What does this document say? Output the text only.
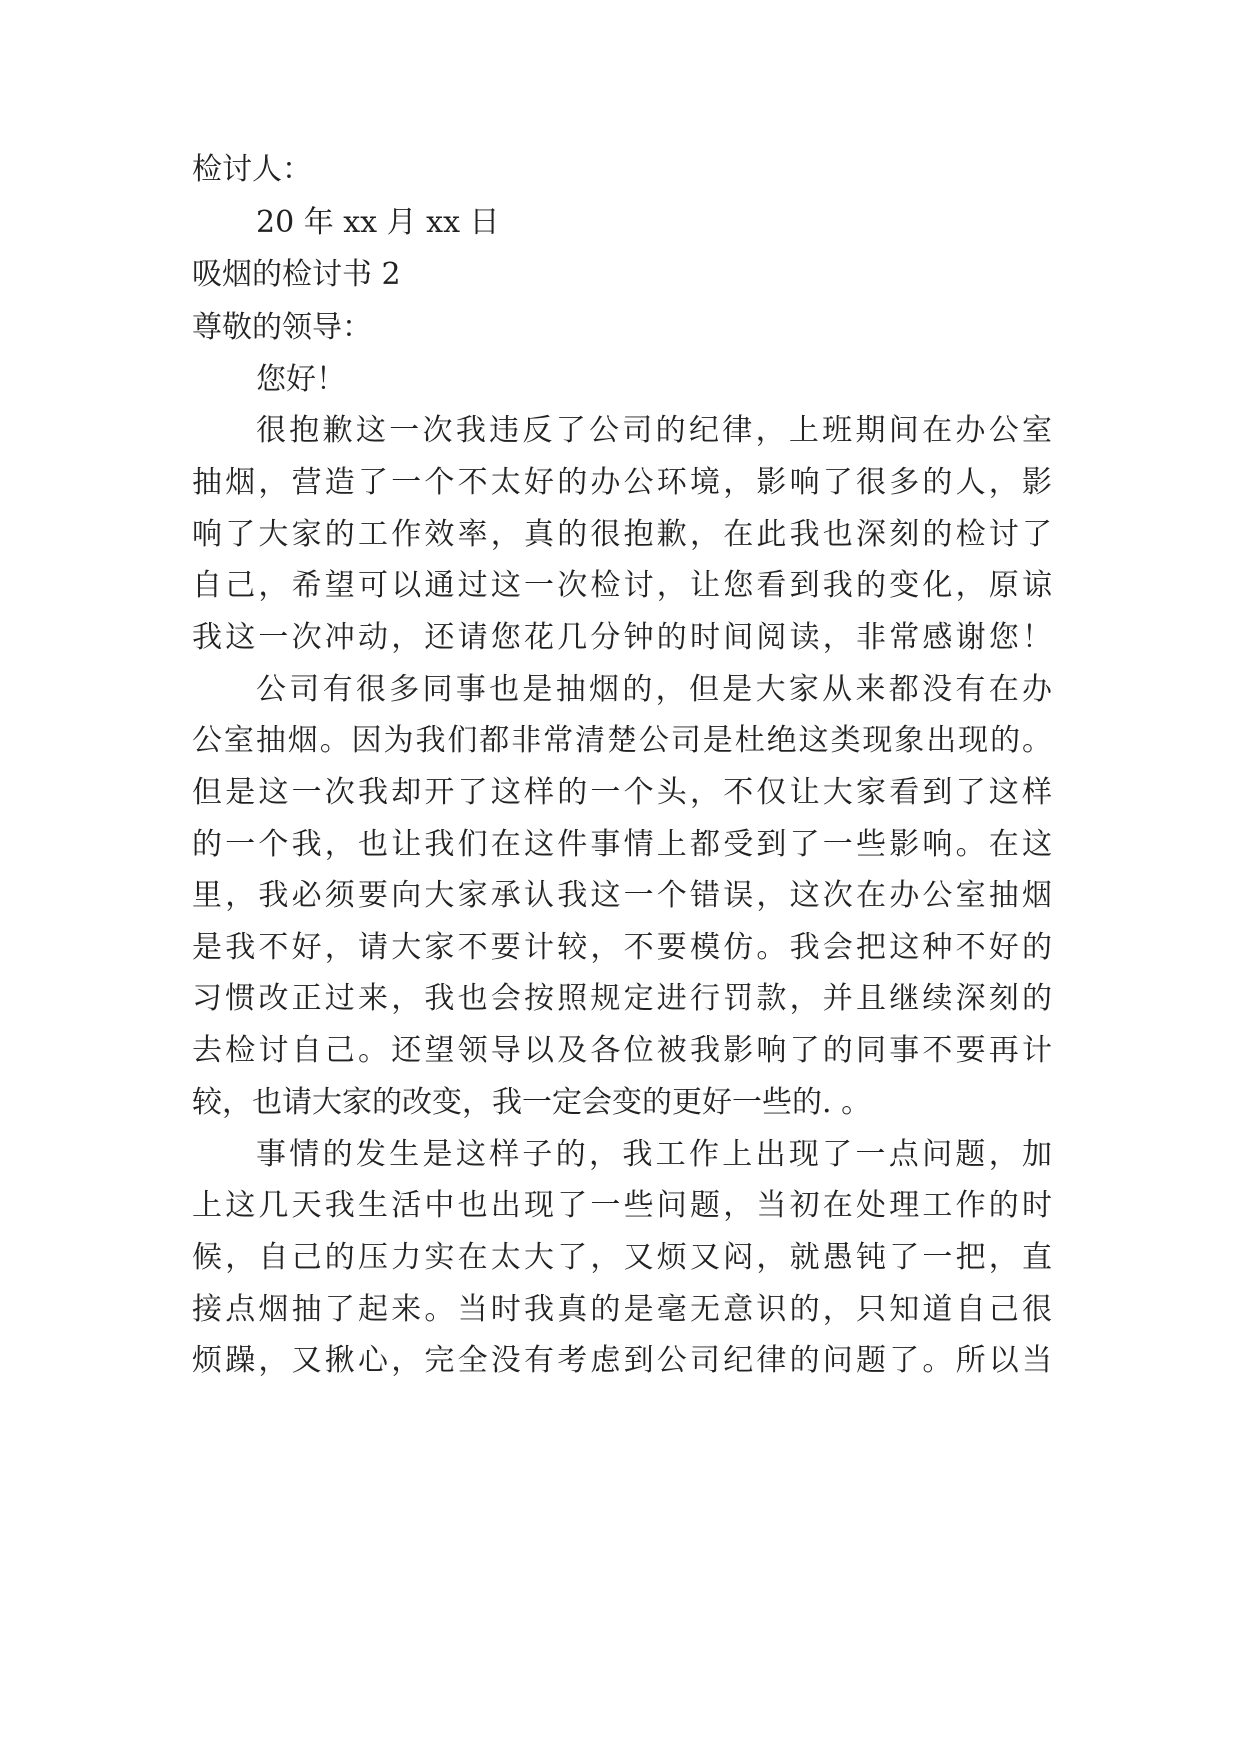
检讨人：
20 年 xx 月 xx 日
吸烟的检讨书 2
尊敬的领导：
您好！
很抱歉这一次我违反了公司的纪律，上班期间在办公室
抽烟，营造了一个不太好的办公环境，影响了很多的人，影
响了大家的工作效率，真的很抱歉，在此我也深刻的检讨了
自己，希望可以通过这一次检讨，让您看到我的变化，原谅
我这一次冲动，还请您花几分钟的时间阅读，非常感谢您！
公司有很多同事也是抽烟的，但是大家从来都没有在办
公室抽烟。因为我们都非常清楚公司是杜绝这类现象出现的。
但是这一次我却开了这样的一个头，不仅让大家看到了这样
的一个我，也让我们在这件事情上都受到了一些影响。在这
里，我必须要向大家承认我这一个错误，这次在办公室抽烟
是我不好，请大家不要计较，不要模仿。我会把这种不好的
习惯改正过来，我也会按照规定进行罚款，并且继续深刻的
去检讨自己。还望领导以及各位被我影响了的同事不要再计
较，也请大家的改变，我一定会变的更好一些的. 。
事情的发生是这样子的，我工作上出现了一点问题，加
上这几天我生活中也出现了一些问题，当初在处理工作的时
候，自己的压力实在太大了，又烦又闷，就愚钝了一把，直
接点烟抽了起来。当时我真的是毫无意识的，只知道自己很
烦躁，又揪心，完全没有考虑到公司纪律的问题了。所以当
